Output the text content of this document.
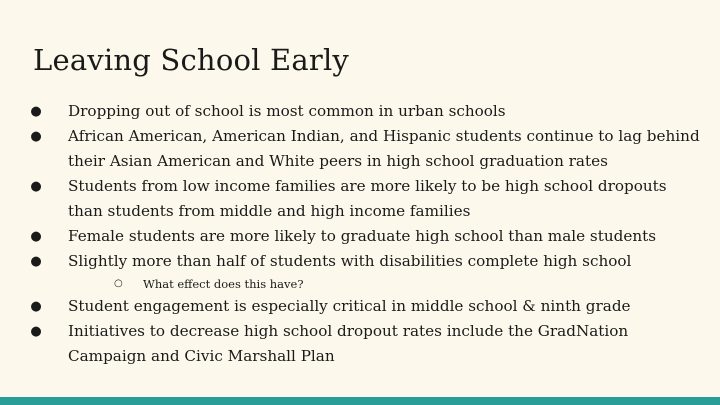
Leaving School Early
● Dropping out of school is most common in urban schools
● African American, American Indian, and Hispanic students continue to lag behind their Asian American and White peers in high school graduation rates
● Students from low income families are more likely to be high school dropouts than students from middle and high income families
● Female students are more likely to graduate high school than male students
● Slightly more than half of students with disabilities complete high school
○ What effect does this have?
● Student engagement is especially critical in middle school & ninth grade
● Initiatives to decrease high school dropout rates include the GradNation Campaign and Civic Marshall Plan
